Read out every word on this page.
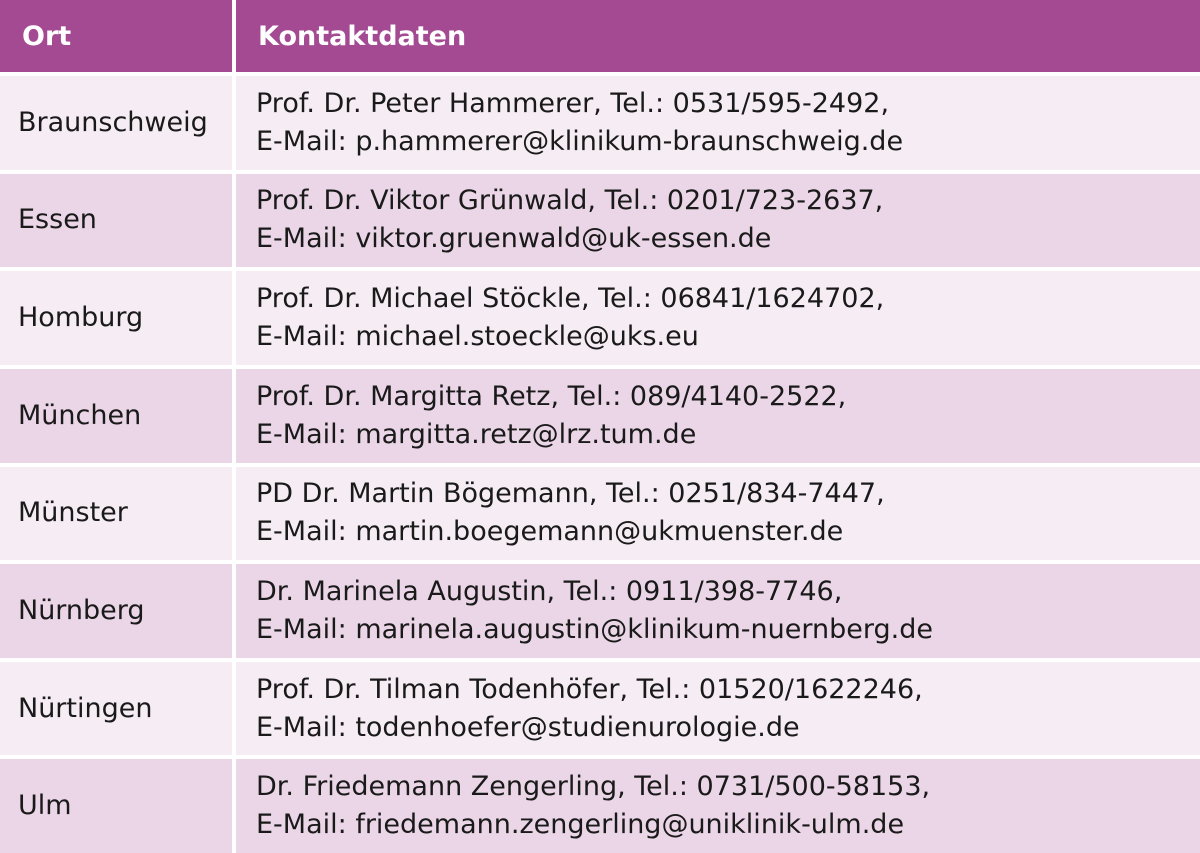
Ort	Kontaktdaten
Braunschweig
Prof. Dr. Peter Hammerer, Tel.: 0531/595-2492,
E-Mail: p.hammerer@klinikum-braunschweig.de
Essen
Prof. Dr. Viktor Grünwald, Tel.: 0201/723-2637,
E-Mail: viktor.gruenwald@uk-essen.de
Homburg
Prof. Dr. Michael Stöckle, Tel.: 06841/1624702,
E-Mail: michael.stoeckle@uks.eu
München
Prof. Dr. Margitta Retz, Tel.: 089/4140-2522,
E-Mail: margitta.retz@lrz.tum.de
Münster
PD Dr. Martin Bögemann, Tel.: 0251/834-7447,
E-Mail: martin.boegemann@ukmuenster.de
Nürnberg
Dr. Marinela Augustin, Tel.: 0911/398-7746,
E-Mail: marinela.augustin@klinikum-nuernberg.de
Nürtingen
Prof. Dr. Tilman Todenhöfer, Tel.: 01520/1622246,
E-Mail: todenhoefer@studienurologie.de
Ulm
Dr. Friedemann Zengerling, Tel.: 0731/500-58153,
E-Mail: friedemann.zengerling@uniklinik-ulm.de
